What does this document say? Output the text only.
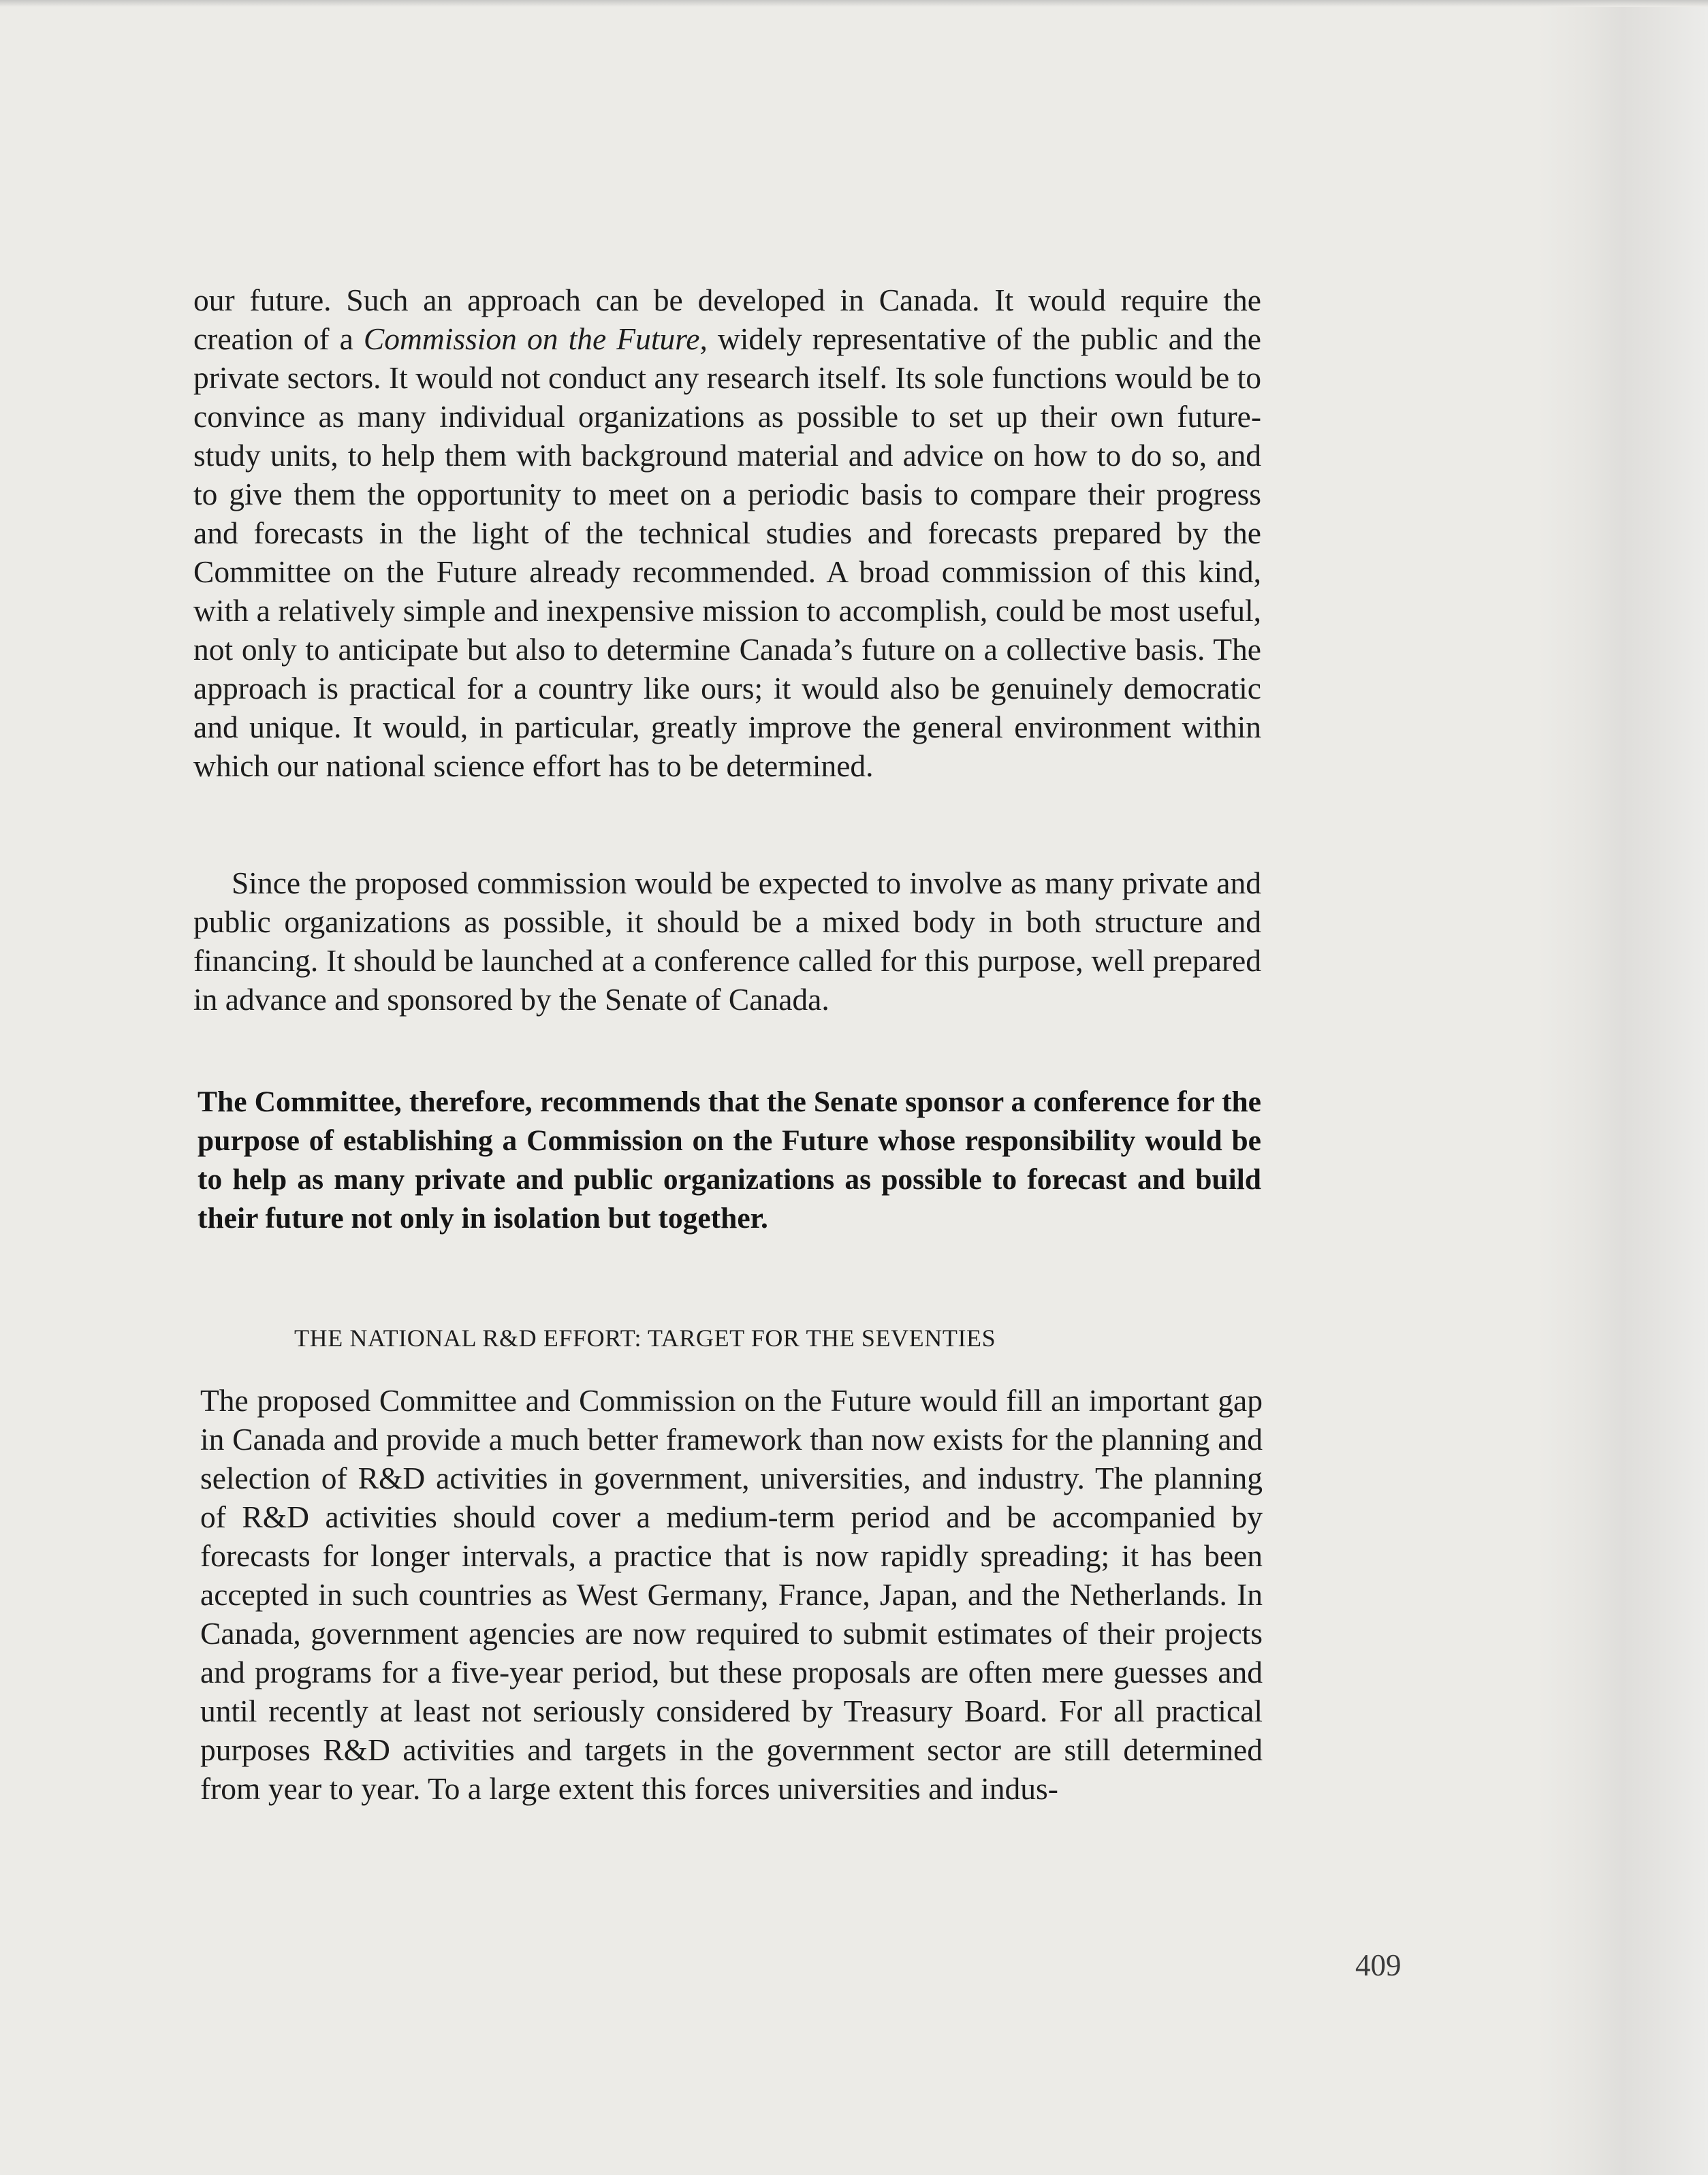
our future. Such an approach can be developed in Canada. It would require the creation of a Commission on the Future, widely representative of the public and the private sectors. It would not conduct any research itself. Its sole functions would be to convince as many individual organizations as possible to set up their own future-study units, to help them with background material and advice on how to do so, and to give them the opportunity to meet on a periodic basis to compare their progress and forecasts in the light of the technical studies and forecasts prepared by the Committee on the Future already recommended. A broad commission of this kind, with a relatively simple and inexpensive mission to accomplish, could be most useful, not only to anticipate but also to determine Canada’s future on a collective basis. The approach is practical for a country like ours; it would also be genuinely democratic and unique. It would, in particular, greatly improve the general environment within which our national science effort has to be determined.

Since the proposed commission would be expected to involve as many private and public organizations as possible, it should be a mixed body in both structure and financing. It should be launched at a conference called for this purpose, well prepared in advance and sponsored by the Senate of Canada.

The Committee, therefore, recommends that the Senate sponsor a conference for the purpose of establishing a Commission on the Future whose responsibility would be to help as many private and public organizations as possible to forecast and build their future not only in isolation but together.
THE NATIONAL R&D EFFORT: TARGET FOR THE SEVENTIES

The proposed Committee and Commission on the Future would fill an important gap in Canada and provide a much better framework than now exists for the planning and selection of R&D activities in government, universities, and industry. The planning of R&D activities should cover a medium-term period and be accompanied by forecasts for longer intervals, a practice that is now rapidly spreading; it has been accepted in such countries as West Germany, France, Japan, and the Netherlands. In Canada, government agencies are now required to submit estimates of their projects and programs for a five-year period, but these proposals are often mere guesses and until recently at least not seriously considered by Treasury Board. For all practical purposes R&D activities and targets in the government sector are still determined from year to year. To a large extent this forces universities and indus-

409
